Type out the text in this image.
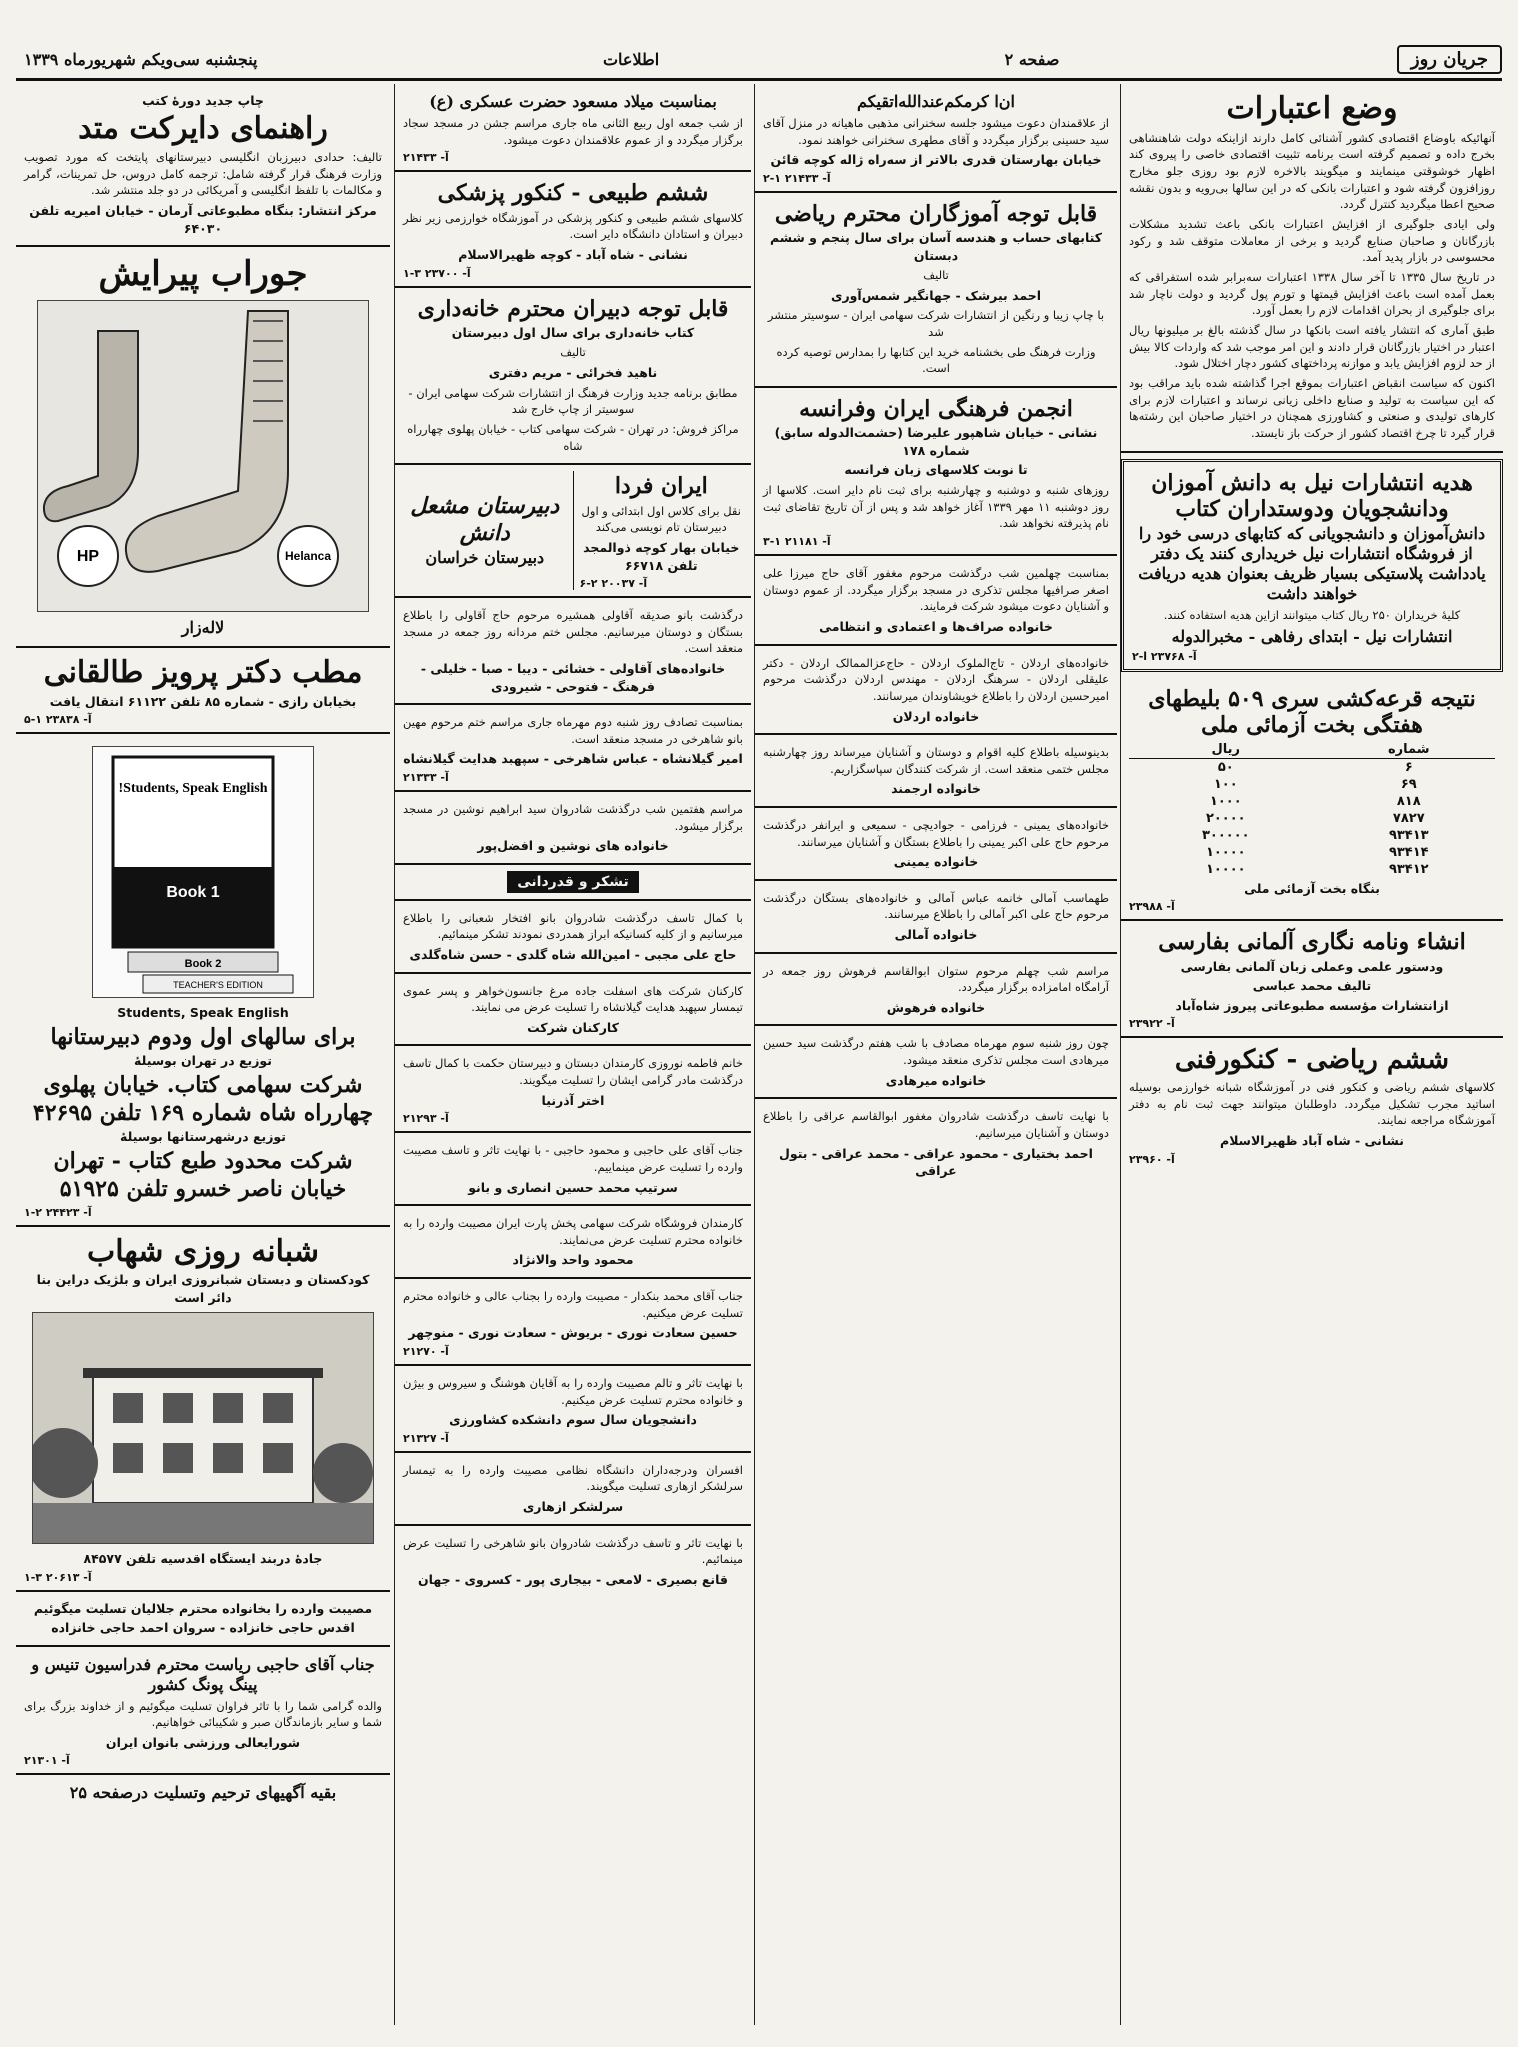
جریان روز
صفحه ۲
اطلاعات
پنجشنبه سی‌ویکم شهریورماه ۱۳۳۹
وضع اعتبارات

آنهائیکه باوضاع اقتصادی کشور آشنائی کامل دارند ازاینکه دولت شاهنشاهی بخرج داده و تصمیم گرفته است برنامه تثبیت اقتصادی خاصی را پیروی کند اظهار خوشوقتی مینمایند و میگویند بالاخره لازم بود روزی جلو مخارج روزافزون گرفته شود و اعتبارات بانکی که در این سالها بی‌رویه و بدون نقشه صحیح اعطا میگردید کنترل گردد.

ولی ایادی جلوگیری از افزایش اعتبارات بانکی باعث تشدید مشکلات بازرگانان و صاحبان صنایع گردید و برخی از معاملات متوقف شد و رکود محسوسی در بازار پدید آمد.

در تاریخ سال ۱۳۳۵ تا آخر سال ۱۳۳۸ اعتبارات سه‌برابر شده استفراقی که بعمل آمده است باعث افزایش قیمتها و تورم پول گردید و دولت ناچار شد برای جلوگیری از بحران اقدامات لازم را بعمل آورد.

طبق آماری که انتشار یافته است بانکها در سال گذشته بالغ بر میلیونها ریال اعتبار در اختیار بازرگانان قرار دادند و این امر موجب شد که واردات کالا بیش از حد لزوم افزایش یابد و موازنه پرداختهای کشور دچار اختلال شود.

اکنون که سیاست انقباض اعتبارات بموقع اجرا گذاشته شده باید مراقب بود که این سیاست به تولید و صنایع داخلی زیانی نرساند و اعتبارات لازم برای کارهای تولیدی و صنعتی و کشاورزی همچنان در اختیار صاحبان این رشته‌ها قرار گیرد تا چرخ اقتصاد کشور از حرکت باز نایستد.

هدیه انتشارات نیل به دانش آموزان ودانشجویان ودوستداران کتاب
دانش‌آموزان و دانشجویانی که کتابهای درسی خود را از فروشگاه انتشارات نیل خریداری کنند یک دفتر یادداشت پلاستیکی بسیار ظریف بعنوان هدیه دریافت خواهند داشت

کلیهٔ خریداران ۲۵۰ ریال کتاب میتوانند ازاین هدیه استفاده کنند.

انتشارات نیل - ابتدای رفاهی - مخبرالدوله
آ- ۲۳۷۶۸ ا-۲
نتیجه قرعه‌کشی سری ۵۰۹ بلیطهای هفتگی بخت آزمائی ملی
شماره	ریال
۶	۵۰
۶۹	۱۰۰
۸۱۸	۱۰۰۰
۷۸۲۷	۲۰۰۰۰
۹۳۴۱۳	۳۰۰۰۰۰
۹۳۴۱۴	۱۰۰۰۰
۹۳۴۱۲	۱۰۰۰۰
بنگاه بخت آزمائی ملی
آ- ۲۳۹۸۸
انشاء ونامه نگاری آلمانی بفارسی
ودستور علمی وعملی زبان آلمانی بفارسی
تالیف محمد عباسی
ازانتشارات مؤسسه مطبوعاتی پیروز شاه‌آباد
آ- ۲۳۹۲۲
ششم ریاضی - کنکورفنی

کلاسهای ششم ریاضی و کنکور فنی در آموزشگاه شبانه خوارزمی بوسیله اساتید مجرب تشکیل میگردد. داوطلبان میتوانند جهت ثبت نام به دفتر آموزشگاه مراجعه نمایند.

نشانی - شاه آباد ظهیرالاسلام
آ- ۲۳۹۶۰
ان‌ا کرمکم‌عندالله‌اتقیکم

از علاقمندان دعوت میشود جلسه سخنرانی مذهبی ماهیانه در منزل آقای سید حسینی برگزار میگردد و آقای مطهری سخنرانی خواهند نمود.

خیابان بهارستان قدری بالاتر از سه‌راه ژاله کوچه قائن
آ- ۲۱۴۳۳ ۱-۲
قابل توجه آموزگاران محترم ریاضی
کتابهای حساب و هندسه آسان برای سال پنجم و ششم دبستان
تالیف
احمد بیرشک - جهانگیر شمس‌آوری

با چاپ زیبا و رنگین از انتشارات شرکت سهامی ایران - سوسیتر منتشر شد

وزارت فرهنگ طی بخشنامه خرید این کتابها را بمدارس توصیه کرده است.

انجمن فرهنگی ایران وفرانسه
نشانی - خیابان شاهپور علیرضا (حشمت‌الدوله سابق) شماره ۱۷۸
تا نوبت کلاسهای زبان فرانسه

روزهای شنبه و دوشنبه و چهارشنبه برای ثبت نام دایر است. کلاسها از روز دوشنبه ۱۱ مهر ۱۳۳۹ آغاز خواهد شد و پس از آن تاریخ تقاضای ثبت نام پذیرفته نخواهد شد.

آ- ۲۱۱۸۱ ۱-۳

بمناسبت چهلمین شب درگذشت مرحوم مغفور آقای حاج میرزا علی اصغر صرافیها مجلس تذکری در مسجد برگزار میگردد. از عموم دوستان و آشنایان دعوت میشود شرکت فرمایند.

خانواده صراف‌ها و اعتمادی و انتظامی

خانواده‌های اردلان - تاج‌الملوک اردلان - حاج‌عزالممالک اردلان - دکتر علیقلی اردلان - سرهنگ اردلان - مهندس اردلان درگذشت مرحوم امیرحسین اردلان را باطلاع خویشاوندان میرسانند.

خانواده اردلان

بدینوسیله باطلاع کلیه اقوام و دوستان و آشنایان میرساند روز چهارشنبه مجلس ختمی منعقد است. از شرکت کنندگان سپاسگزاریم.

خانواده ارجمند

خانواده‌های یمینی - فرزامی - جوادیچی - سمیعی و ایرانفر درگذشت مرحوم حاج علی اکبر یمینی را باطلاع بستگان و آشنایان میرسانند.

خانواده یمینی

طهماسب آمالی خانمه عباس آمالی و خانواده‌های بستگان درگذشت مرحوم حاج علی اکبر آمالی را باطلاع میرسانند.

خانواده آمالی

مراسم شب چهلم مرحوم ستوان ابوالقاسم فرهوش روز جمعه در آرامگاه امامزاده برگزار میگردد.

خانواده فرهوش

چون روز شنبه سوم مهرماه مصادف با شب هفتم درگذشت سید حسین میرهادی است مجلس تذکری منعقد میشود.

خانواده میرهادی

با نهایت تاسف درگذشت شادروان مغفور ابوالقاسم عراقی را باطلاع دوستان و آشنایان میرسانیم.

احمد بختیاری - محمود عراقی - محمد عراقی - بتول عراقی
بمناسبت میلاد مسعود حضرت عسکری (ع)

از شب جمعه اول ربیع الثانی ماه جاری مراسم جشن در مسجد سجاد برگزار میگردد و از عموم علاقمندان دعوت میشود.

آ- ۲۱۴۳۳
ششم طبیعی - کنکور پزشکی

کلاسهای ششم طبیعی و کنکور پزشکی در آموزشگاه خوارزمی زیر نظر دبیران و استادان دانشگاه دایر است.

نشانی - شاه آباد - کوچه ظهیرالاسلام
آ- ۲۳۷۰۰ ۳-۱
قابل توجه دبیران محترم خانه‌داری
کتاب خانه‌داری برای سال اول دبیرستان
تالیف
ناهید فخرائی - مریم دفتری

مطابق برنامه جدید وزارت فرهنگ از انتشارات شرکت سهامی ایران - سوسیتر از چاپ خارج شد

مراکز فروش: در تهران - شرکت سهامی کتاب - خیابان پهلوی چهارراه شاه

ایران فردا

نقل برای کلاس اول ابتدائی و اول دبیرستان تام نویسی می‌کند

خیابان بهار کوچه ذوالمجد تلفن ۶۶۷۱۸
آ- ۲۰۰۳۷ ۲-۶
دبیرستان مشعل دانش
دبیرستان خراسان

درگذشت بانو صدیقه آقاولی همشیره مرحوم حاج آقاولی را باطلاع بستگان و دوستان میرسانیم. مجلس ختم مردانه روز جمعه در مسجد منعقد است.

خانواده‌های آقاولی - خشائی - دیبا - صبا - خلیلی - فرهنگ - فتوحی - شیرودی

بمناسبت تصادف روز شنبه دوم مهرماه جاری مراسم ختم مرحوم مهین بانو شاهرخی در مسجد منعقد است.

امیر گیلانشاه - عباس شاهرخی - سپهبد هدایت گیلانشاه
آ- ۲۱۳۳۳

مراسم هفتمین شب درگذشت شادروان سید ابراهیم نوشین در مسجد برگزار میشود.

خانواده های نوشین و افضل‌پور
تشکر و قدردانی

با کمال تاسف درگذشت شادروان بانو افتخار شعبانی را باطلاع میرسانیم و از کلیه کسانیکه ابراز همدردی نمودند تشکر مینمائیم.

حاج علی مجبی - امین‌الله شاه گلدی - حسن شاه‌گلدی

کارکنان شرکت های اسفلت جاده مرغ جانسون‌خواهر و پسر عموی تیمسار سپهبد هدایت گیلانشاه را تسلیت عرض می نمایند.

کارکنان شرکت

خانم فاطمه نوروزی کارمندان دبستان و دبیرستان حکمت با کمال تاسف درگذشت مادر گرامی ایشان را تسلیت میگویند.

اختر آذرنیا
آ- ۲۱۲۹۳

جناب آقای علی حاجبی و محمود حاجبی - با نهایت تاثر و تاسف مصیبت وارده را تسلیت عرض مینماییم.

سرتیپ محمد حسین انصاری و بانو

کارمندان فروشگاه شرکت سهامی پخش پارت ایران مصیبت وارده را به خانواده محترم تسلیت عرض می‌نمایند.

محمود واحد والانژاد

جناب آقای محمد بنکدار - مصیبت وارده را بجناب عالی و خانواده محترم تسلیت عرض میکنیم.

حسین سعادت نوری - بریوش - سعادت نوری - منوچهر
آ- ۲۱۲۷۰

با نهایت تاثر و تالم مصیبت وارده را به آقایان هوشنگ و سیروس و بیژن و خانواده محترم تسلیت عرض میکنیم.

دانشجویان سال سوم دانشکده کشاورزی
آ- ۲۱۳۲۷

افسران ودرجه‌داران دانشگاه نظامی مصیبت وارده را به تیمسار سرلشکر ازهاری تسلیت میگویند.

سرلشکر ازهاری

با نهایت تاثر و تاسف درگذشت شادروان بانو شاهرخی را تسلیت عرض مینمائیم.

قانع بصیری - لامعی - بیجاری پور - کسروی - جهان
چاپ جدید دورهٔ کتب
راهنمای دایرکت متد

تالیف: حدادی دبیرزبان انگلیسی دبیرستانهای پایتخت که مورد تصویب وزارت فرهنگ قرار گرفته شامل: ترجمه کامل دروس، حل تمرینات، گرامر و مکالمات با تلفظ انگلیسی و آمریکائی در دو جلد منتشر شد.

مرکز انتشار: بنگاه مطبوعاتی آرمان - خیابان امیریه تلفن ۶۴۰۳۰
جوراب پیرایش
Helanca
HP
لاله‌زار
مطب دکتر پرویز طالقانی
بخیابان رازی - شماره ۸۵ تلفن ۶۱۱۲۲ انتقال یافت
آ- ۲۳۸۳۸ ۱-۵
Students, Speak English!
Book 1
Book 2
TEACHER'S EDITION
Students, Speak English
برای سالهای اول ودوم دبیرستانها
توزیع در تهران بوسیلهٔ
شرکت سهامی کتاب. خیابان پهلوی
چهارراه شاه شماره ۱۶۹ تلفن ۴۲۶۹۵
توزیع درشهرستانها بوسیلهٔ
شرکت محدود طبع کتاب - تهران
خیابان ناصر خسرو تلفن ۵۱۹۲۵
آ- ۲۴۴۲۳ ۲-۱
شبانه روزی شهاب
کودکستان و دبستان شبانروزی ایران و بلژیک دراین بنا دائر است
جادهٔ دربند ایستگاه اقدسیه تلفن ۸۴۵۷۷
آ- ۲۰۶۱۳ ۳-۱
مصیبت وارده را بخانواده محترم جلالیان تسلیت میگوئیم
اقدس حاجی خانزاده - سروان احمد حاجی خانزاده
جناب آقای حاجبی ریاست محترم فدراسیون تنیس و پینگ پونگ کشور

والده گرامی شما را با تاثر فراوان تسلیت میگوئیم و از خداوند بزرگ برای شما و سایر بازماندگان صبر و شکیبائی خواهانیم.

شورایعالی ورزشی بانوان ایران
آ- ۲۱۳۰۱
بقیه آگهیهای ترحیم وتسلیت درصفحه ۲۵
